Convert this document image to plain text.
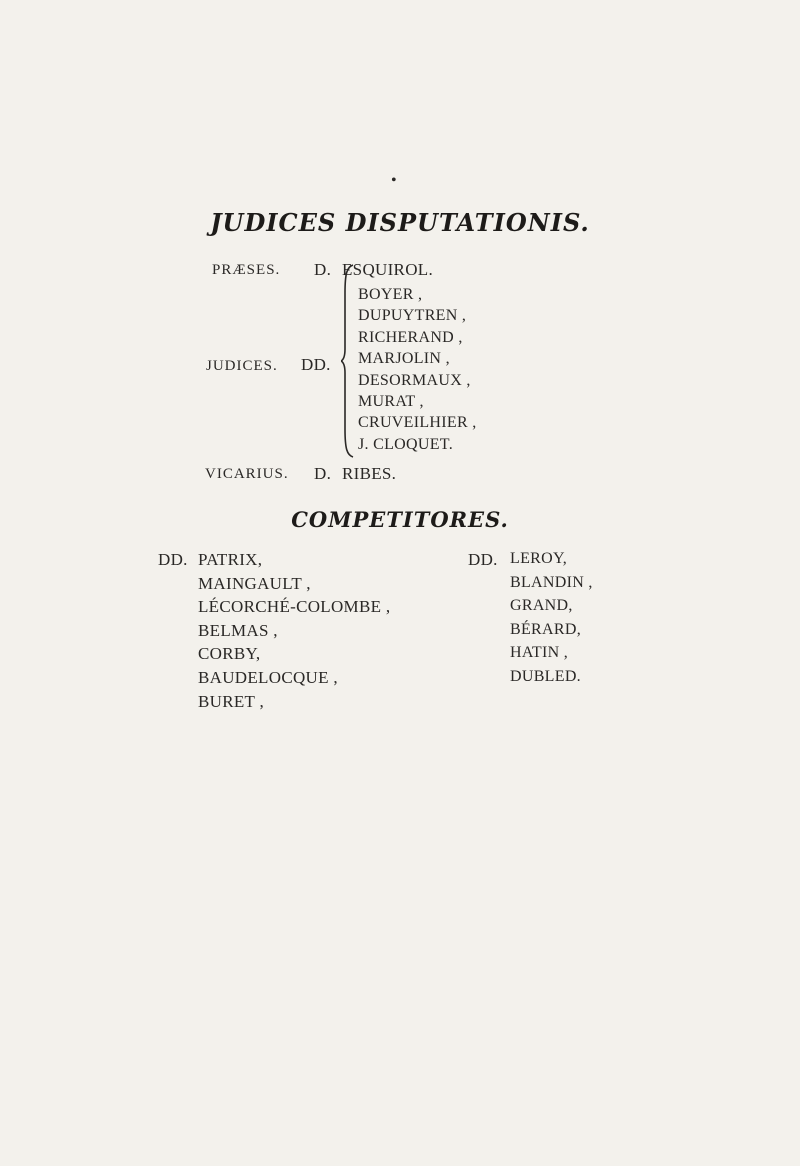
•
JUDICES DISPUTATIONIS.
PRÆSES. D. ESQUIROL.
JUDICES. DD.
BOYER ,
DUPUYTREN ,
RICHERAND ,
MARJOLIN ,
DESORMAUX ,
MURAT ,
CRUVEILHIER ,
J. CLOQUET.
VICARIUS. D. RIBES.
COMPETITORES.
DD. PATRIX,
MAINGAULT ,
LÉCORCHÉ-COLOMBE ,
BELMAS ,
CORBY,
BAUDELOCQUE ,
BURET ,
DD. LEROY,
BLANDIN ,
GRAND,
BÉRARD,
HATIN ,
DUBLED.
